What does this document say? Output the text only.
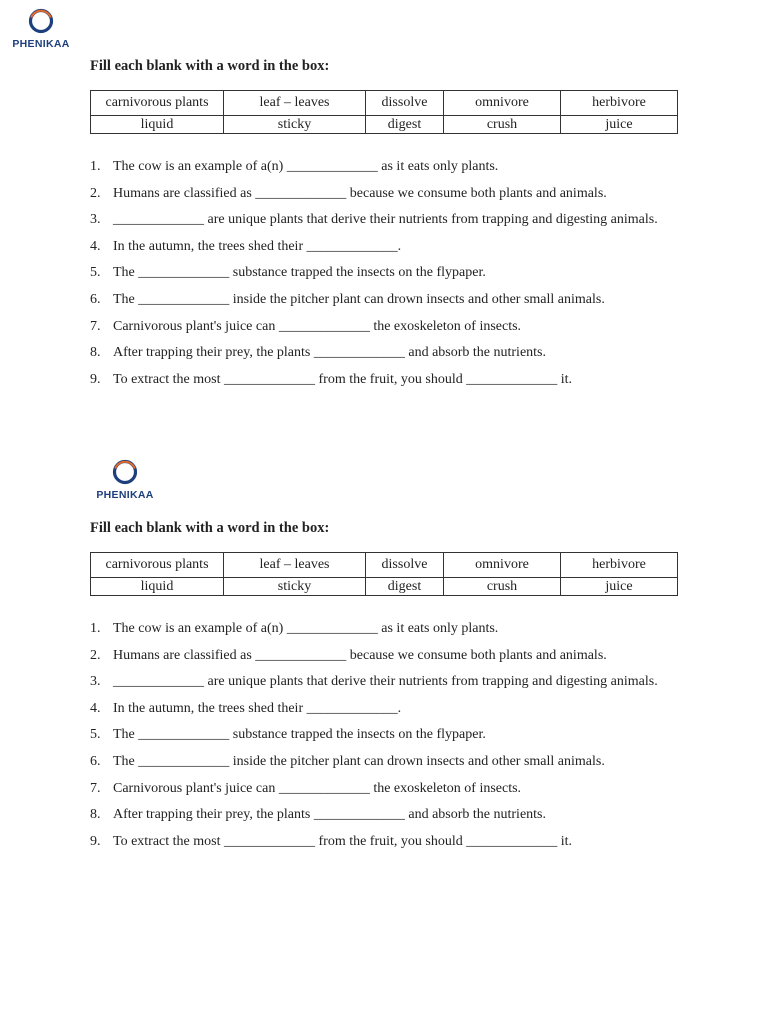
PHENIKAA
Fill each blank with a word in the box:
carnivorous plants	leaf – leaves	dissolve	omnivore	herbivore
liquid	sticky	digest	crush	juice
1. The cow is an example of a(n) _____________ as it eats only plants.
2. Humans are classified as _____________ because we consume both plants and animals.
3. _____________ are unique plants that derive their nutrients from trapping and digesting animals.
4. In the autumn, the trees shed their _____________.
5. The _____________ substance trapped the insects on the flypaper.
6. The _____________ inside the pitcher plant can drown insects and other small animals.
7. Carnivorous plant's juice can _____________ the exoskeleton of insects.
8. After trapping their prey, the plants _____________ and absorb the nutrients.
9. To extract the most _____________ from the fruit, you should _____________ it.
PHENIKAA
Fill each blank with a word in the box:
carnivorous plants	leaf – leaves	dissolve	omnivore	herbivore
liquid	sticky	digest	crush	juice
1. The cow is an example of a(n) _____________ as it eats only plants.
2. Humans are classified as _____________ because we consume both plants and animals.
3. _____________ are unique plants that derive their nutrients from trapping and digesting animals.
4. In the autumn, the trees shed their _____________.
5. The _____________ substance trapped the insects on the flypaper.
6. The _____________ inside the pitcher plant can drown insects and other small animals.
7. Carnivorous plant's juice can _____________ the exoskeleton of insects.
8. After trapping their prey, the plants _____________ and absorb the nutrients.
9. To extract the most _____________ from the fruit, you should _____________ it.
